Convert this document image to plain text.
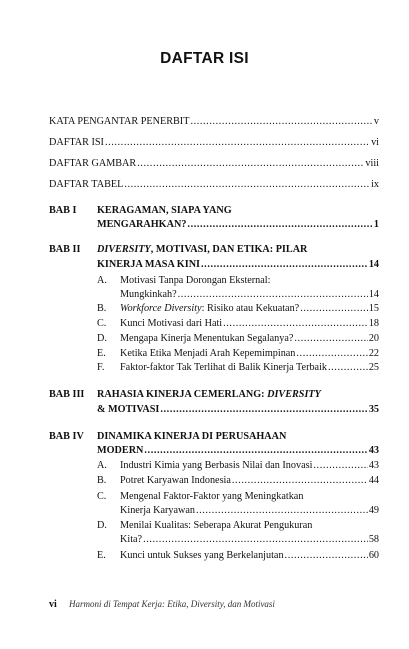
DAFTAR ISI
KATA PENGANTAR PENERBIT .....	v
DAFTAR ISI .....	vi
DAFTAR GAMBAR .....	viii
DAFTAR TABEL .....	ix
BAB I KERAGAMAN, SIAPA YANG
MENGARAHKAN? .....	1
BAB II DIVERSITY, MOTIVASI, DAN ETIKA: PILAR
KINERJA MASA KINI .....	14
A.	Motivasi Tanpa Dorongan Eksternal:
Mungkinkah? .....	14
B.	Workforce Diversity: Risiko atau Kekuatan? .....	15
C.	Kunci Motivasi dari Hati .....	18
D.	Mengapa Kinerja Menentukan Segalanya? .....	20
E.	Ketika Etika Menjadi Arah Kepemimpinan .....	22
F.	Faktor-faktor Tak Terlihat di Balik Kinerja Terbaik .....	25
BAB III RAHASIA KINERJA CEMERLANG: DIVERSITY
& MOTIVASI .....	35
BAB IV DINAMIKA KINERJA DI PERUSAHAAN
MODERN .....	43
A.	Industri Kimia yang Berbasis Nilai dan Inovasi .....	43
B.	Potret Karyawan Indonesia .....	44
C.	Mengenal Faktor-Faktor yang Meningkatkan
Kinerja Karyawan .....	49
D.	Menilai Kualitas: Seberapa Akurat Pengukuran
Kita? .....	58
E.	Kunci untuk Sukses yang Berkelanjutan .....	60
vi Harmoni di Tempat Kerja: Etika, Diversity, dan Motivasi
